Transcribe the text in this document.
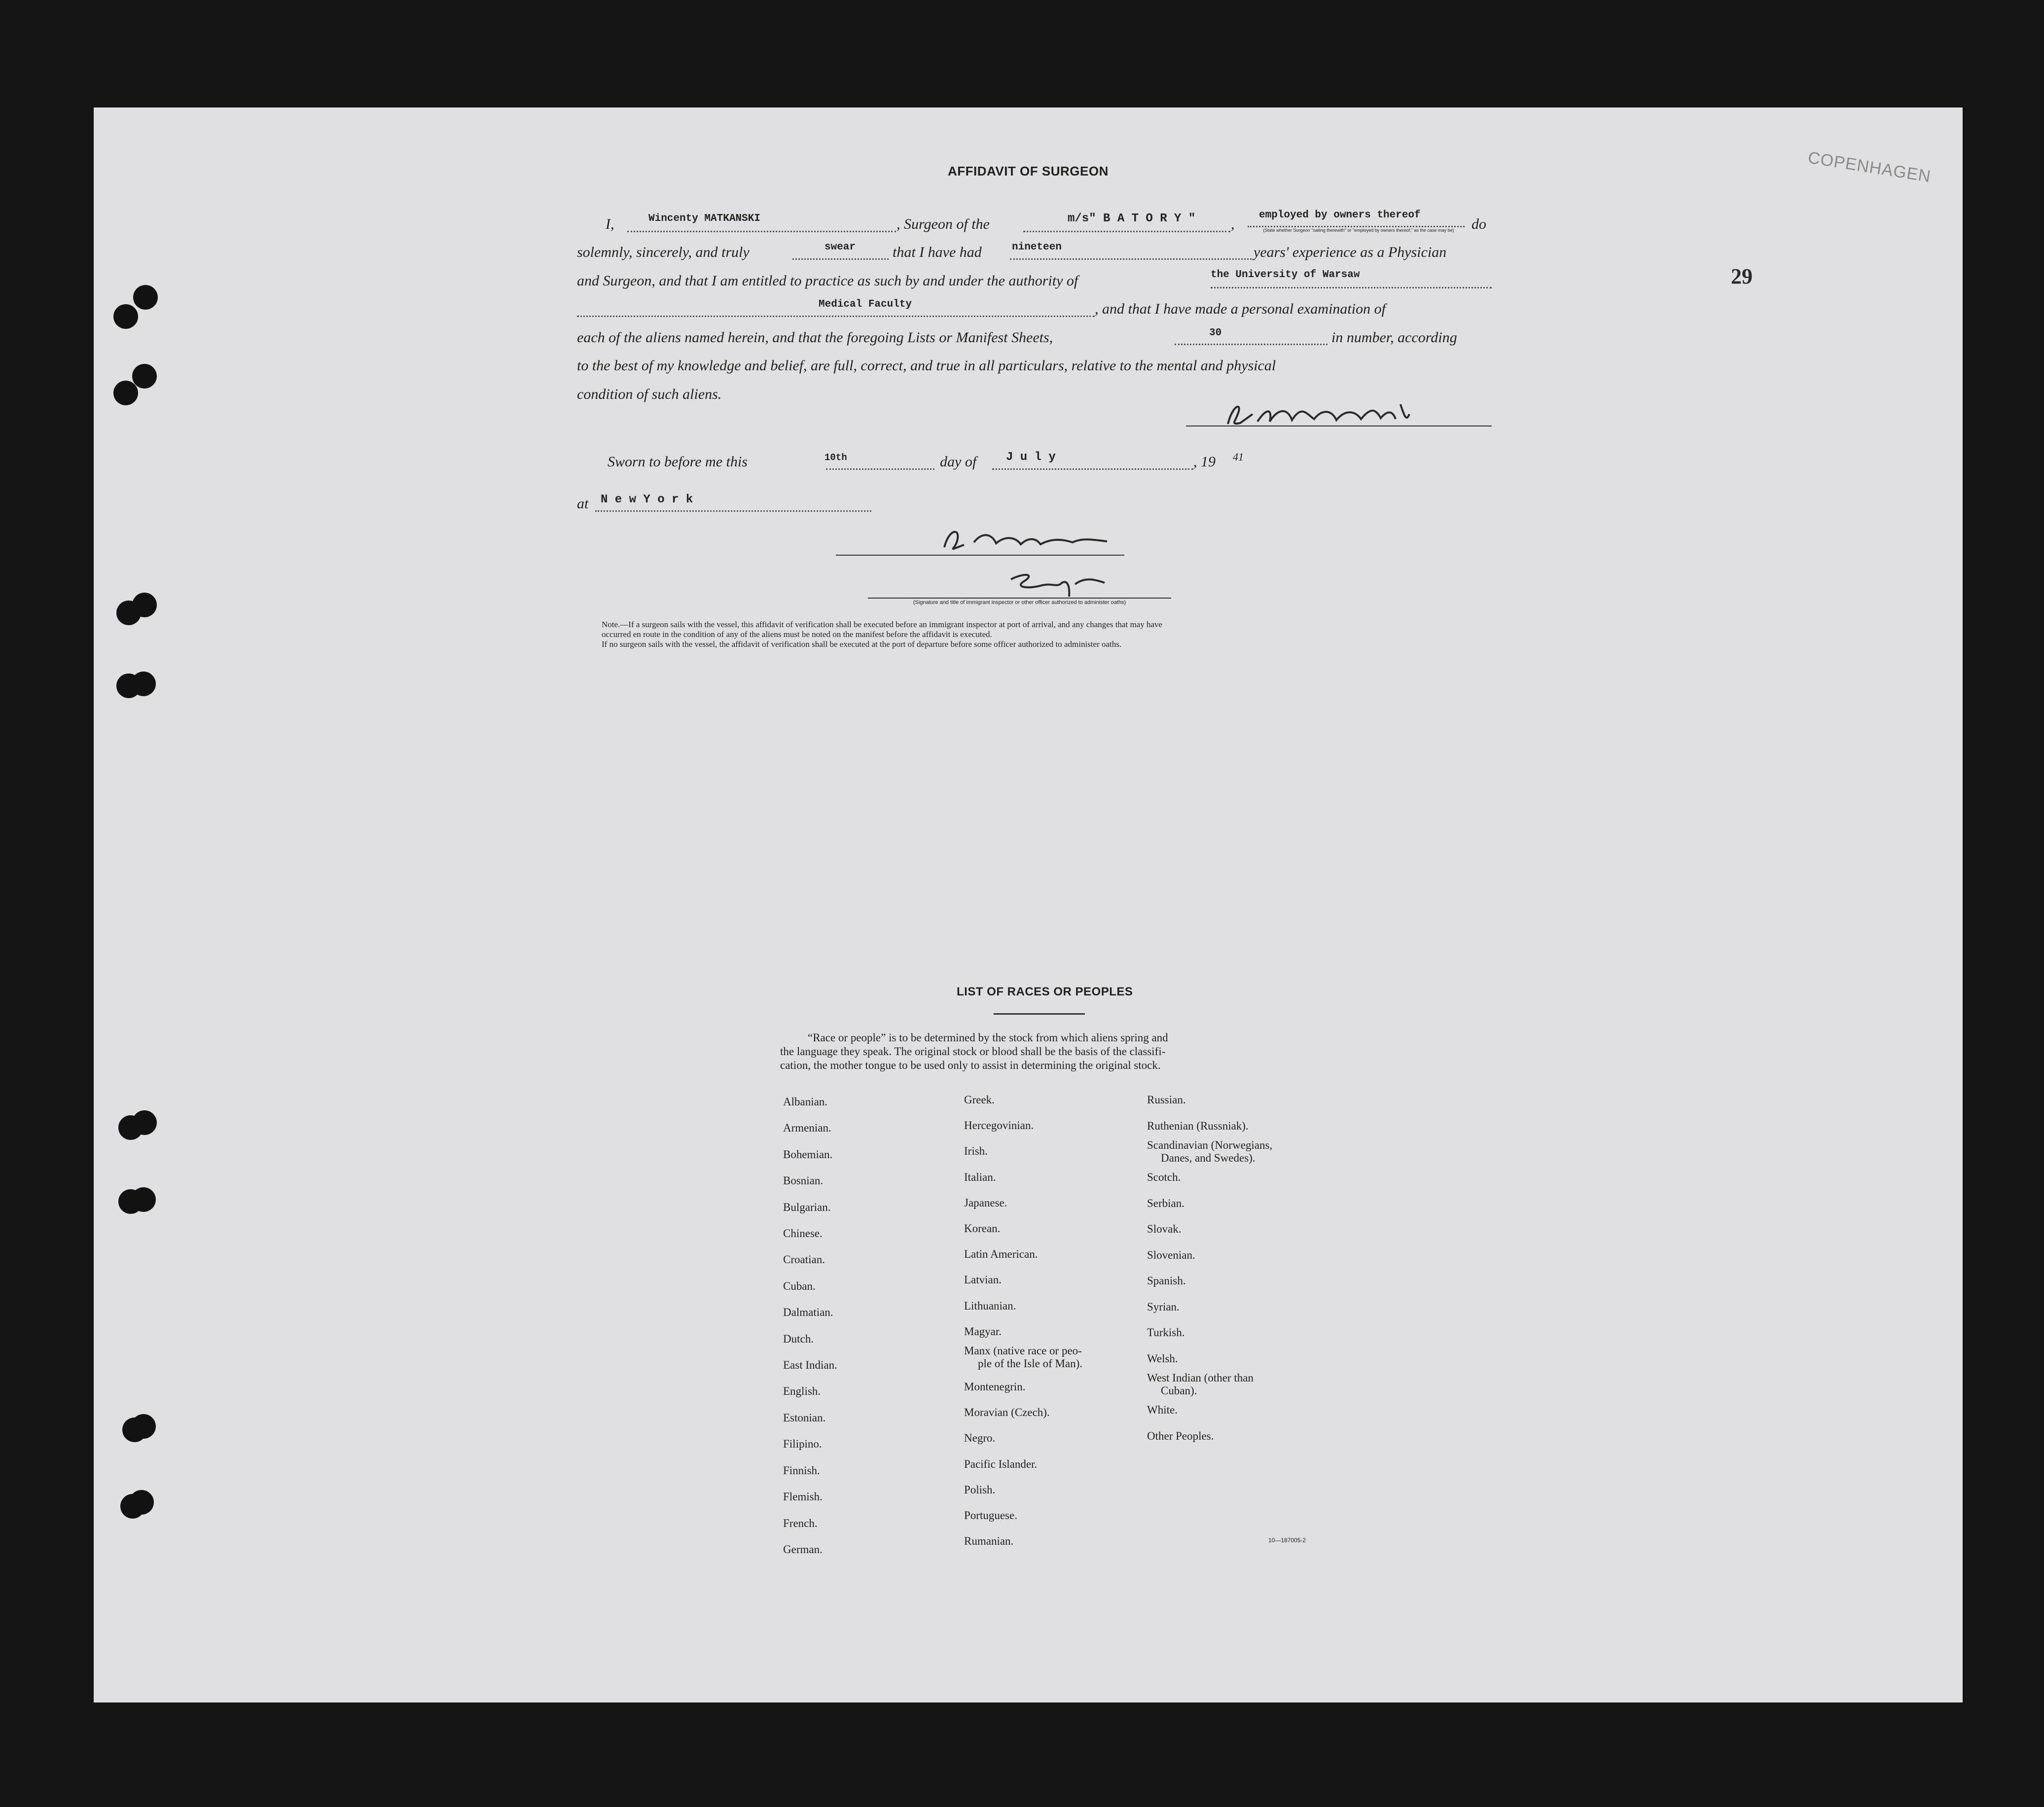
COPENHAGEN
29
AFFIDAVIT OF SURGEON
I,	Wincenty MATKANSKI	, Surgeon of the	m/s" B A T O R Y " ,
employed by owners thereof
(State whether Surgeon "sailing therewith" or "employed by owners thereof," as the case may be)	do
solemnly, sincerely, and truly	swear that I have had	nineteen	years' experience as a Physician
and Surgeon, and that I am entitled to practice as such by and under the authority of	the University of Warsaw
Medical Faculty	, and that I have made a personal examination of
each of the aliens named herein, and that the foregoing Lists or Manifest Sheets,	30	in number, according
to the best of my knowledge and belief, are full, correct, and true in all particulars, relative to the mental and physical
condition of such aliens.
Sworn to before me this	10th	day of J u l y	, 19 41
at N e w Y o r k
(Signature and title of immigrant inspector or other officer authorized to administer oaths)
Note.—If a surgeon sails with the vessel, this affidavit of verification shall be executed before an immigrant inspector at port of arrival, and any changes that may have
occurred en route in the condition of any of the aliens must be noted on the manifest before the affidavit is executed.
If no surgeon sails with the vessel, the affidavit of verification shall be executed at the port of departure before some officer authorized to administer oaths.
LIST OF RACES OR PEOPLES
“Race or people” is to be determined by the stock from which aliens spring and
the language they speak. The original stock or blood shall be the basis of the classifi-
cation, the mother tongue to be used only to assist in determining the original stock.
Albanian.
Armenian.
Bohemian.
Bosnian.
Bulgarian.
Chinese.
Croatian.
Cuban.
Dalmatian.
Dutch.
East Indian.
English.
Estonian.
Filipino.
Finnish.
Flemish.
French.
German.
Greek.
Hercegovinian.
Irish.
Italian.
Japanese.
Korean.
Latin American.
Latvian.
Lithuanian.
Magyar.
Manx (native race or peo-
ple of the Isle of Man).
Montenegrin.
Moravian (Czech).
Negro.
Pacific Islander.
Polish.
Portuguese.
Rumanian.
Russian.
Ruthenian (Russniak).
Scandinavian (Norwegians,
Danes, and Swedes).
Scotch.
Serbian.
Slovak.
Slovenian.
Spanish.
Syrian.
Turkish.
Welsh.
West Indian (other than
Cuban).
White.
Other Peoples.
10—187005-2
